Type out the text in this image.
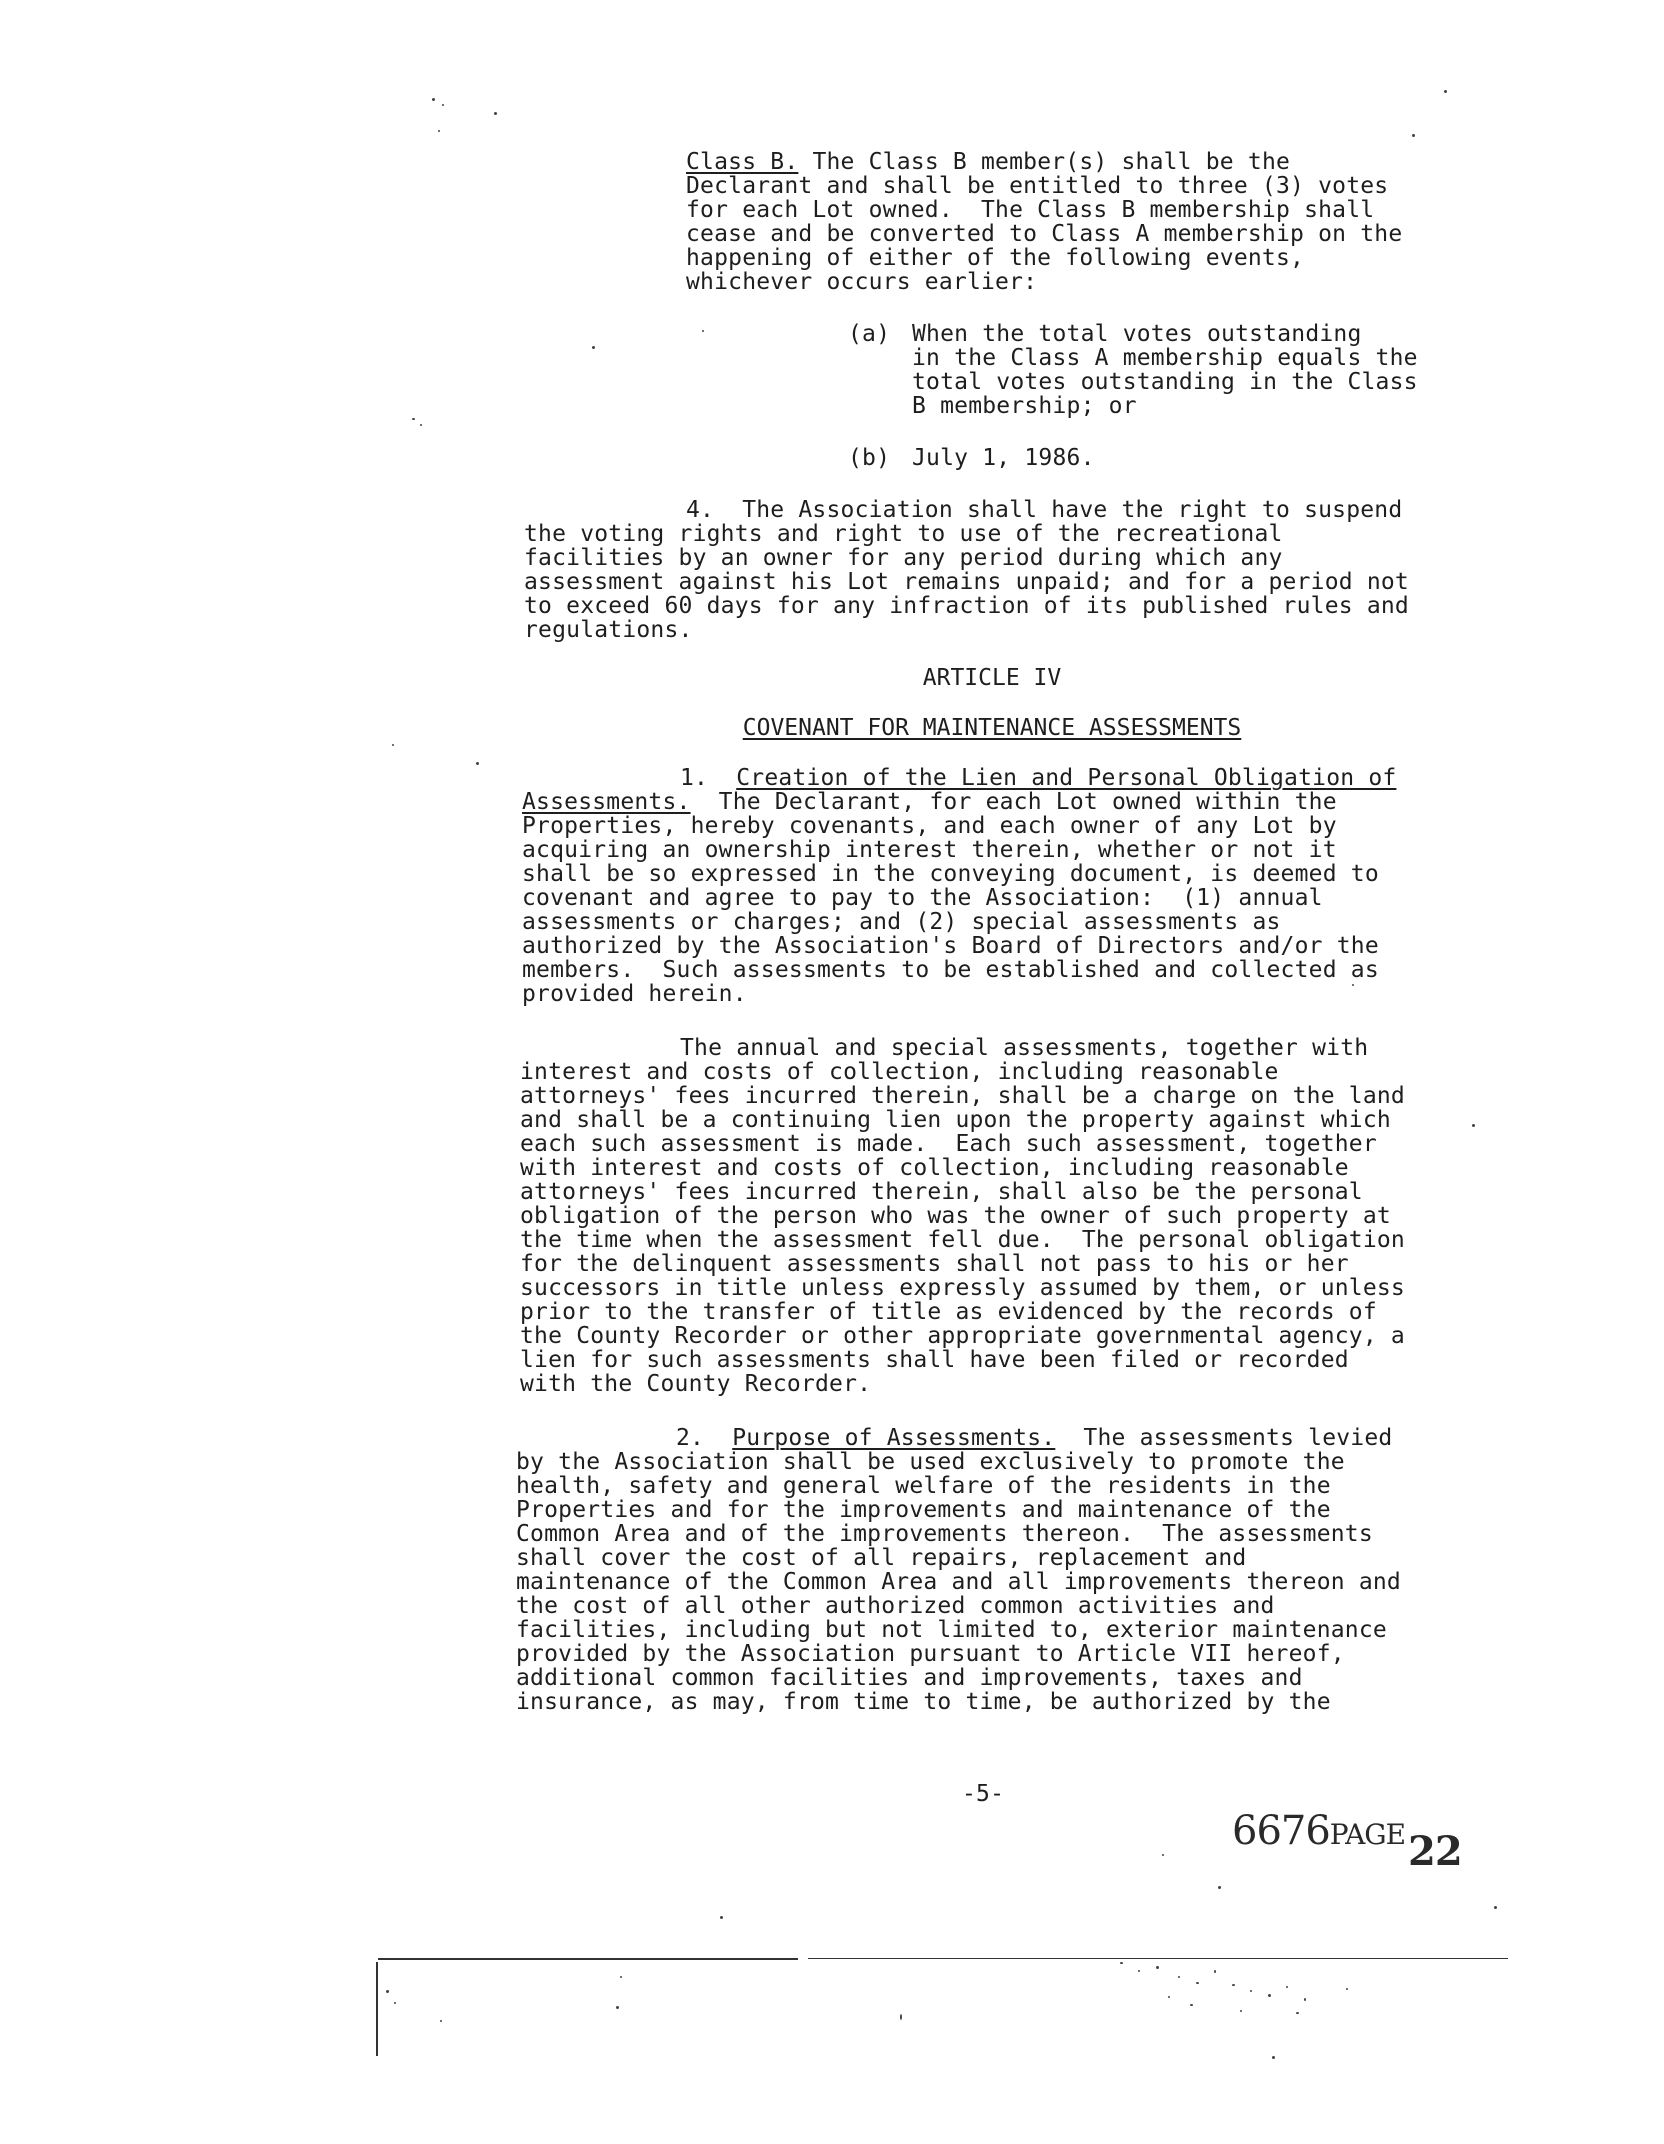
Class B. The Class B member(s) shall be the
Declarant and shall be entitled to three (3) votes
for each Lot owned.  The Class B membership shall
cease and be converted to Class A membership on the
happening of either of the following events,
whichever occurs earlier:
(a) When the total votes outstanding
in the Class A membership equals the
total votes outstanding in the Class
B membership; or
(b) July 1, 1986.
4.  The Association shall have the right to suspend
the voting rights and right to use of the recreational
facilities by an owner for any period during which any
assessment against his Lot remains unpaid; and for a period not
to exceed 60 days for any infraction of its published rules and
regulations.
ARTICLE IV
COVENANT FOR MAINTENANCE ASSESSMENTS
1. Creation of the Lien and Personal Obligation of
Assessments.  The Declarant, for each Lot owned within the
Properties, hereby covenants, and each owner of any Lot by
acquiring an ownership interest therein, whether or not it
shall be so expressed in the conveying document, is deemed to
covenant and agree to pay to the Association:  (1) annual
assessments or charges; and (2) special assessments as
authorized by the Association's Board of Directors and/or the
members.  Such assessments to be established and collected as
provided herein.
The annual and special assessments, together with
interest and costs of collection, including reasonable
attorneys' fees incurred therein, shall be a charge on the land
and shall be a continuing lien upon the property against which
each such assessment is made.  Each such assessment, together
with interest and costs of collection, including reasonable
attorneys' fees incurred therein, shall also be the personal
obligation of the person who was the owner of such property at
the time when the assessment fell due.  The personal obligation
for the delinquent assessments shall not pass to his or her
successors in title unless expressly assumed by them, or unless
prior to the transfer of title as evidenced by the records of
the County Recorder or other appropriate governmental agency, a
lien for such assessments shall have been filed or recorded
with the County Recorder.
2. Purpose of Assessments.  The assessments levied
by the Association shall be used exclusively to promote the
health, safety and general welfare of the residents in the
Properties and for the improvements and maintenance of the
Common Area and of the improvements thereon.  The assessments
shall cover the cost of all repairs, replacement and
maintenance of the Common Area and all improvements thereon and
the cost of all other authorized common activities and
facilities, including but not limited to, exterior maintenance
provided by the Association pursuant to Article VII hereof,
additional common facilities and improvements, taxes and
insurance, as may, from time to time, be authorized by the
-5-
6676PAGE 22
